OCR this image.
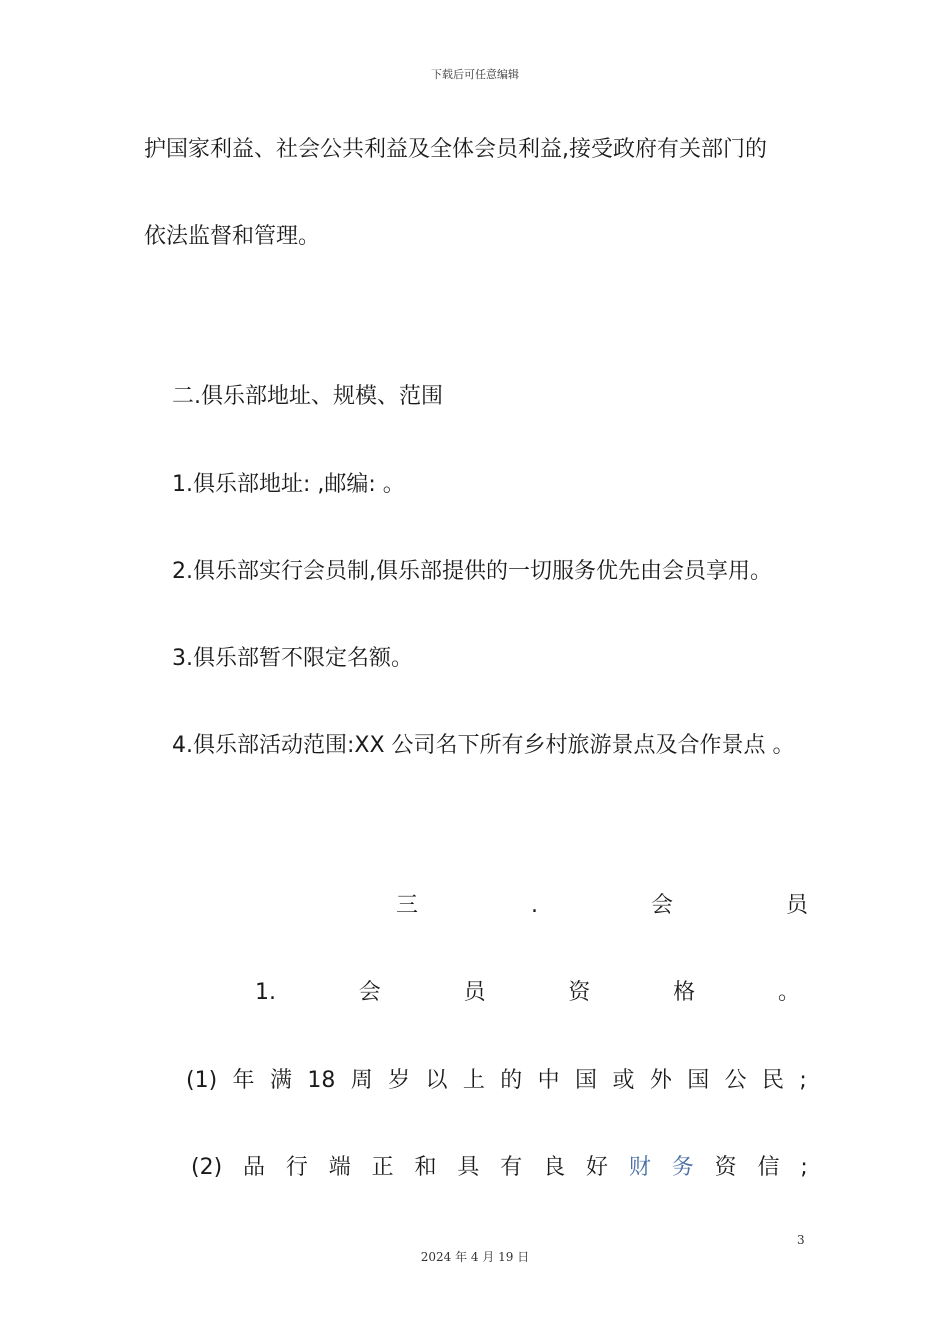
下载后可任意编辑
护国家利益、社会公共利益及全体会员利益,接受政府有关部门的
依法监督和管理。
二.俱乐部地址、规模、范围
1.俱乐部地址: ,邮编: 。
2.俱乐部实行会员制,俱乐部提供的一切服务优先由会员享用。
3.俱乐部暂不限定名额。
4.俱乐部活动范围:XX 公司名下所有乡村旅游景点及合作景点 。
三	.	会	员
1.	会	员	资	格	。
(1) 年 满 18 周 岁 以 上 的 中 国 或 外 国 公 民 ;
(2) 品 行 端 正 和 具 有 良 好 财 务 资 信 ;
3
2024 年 4 月 19 日
